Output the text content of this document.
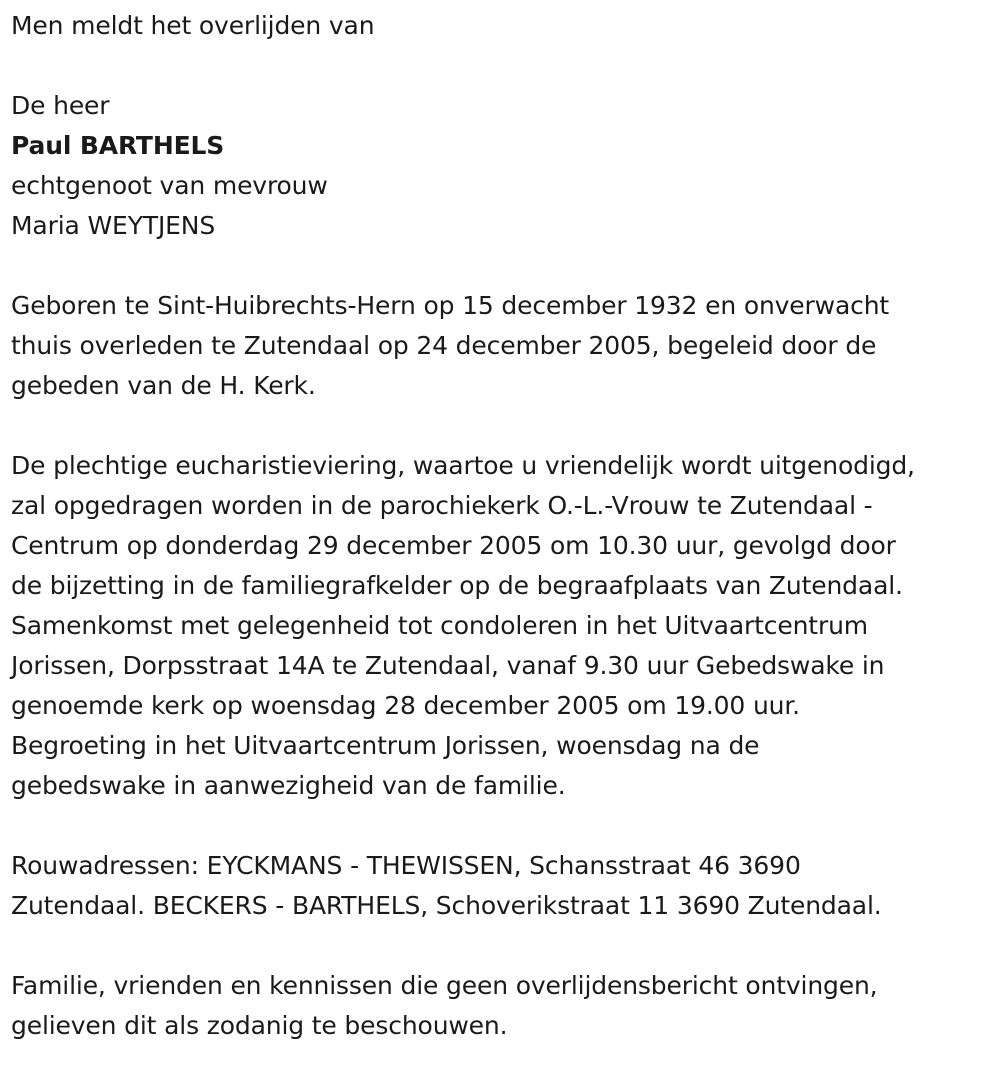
Men meldt het overlijden van
De heer
Paul BARTHELS
echtgenoot van mevrouw
Maria WEYTJENS
Geboren te Sint-Huibrechts-Hern op 15 december 1932 en onverwacht
thuis overleden te Zutendaal op 24 december 2005, begeleid door de
gebeden van de H. Kerk.
De plechtige eucharistieviering, waartoe u vriendelijk wordt uitgenodigd,
zal opgedragen worden in de parochiekerk O.-L.-Vrouw te Zutendaal -
Centrum op donderdag 29 december 2005 om 10.30 uur, gevolgd door
de bijzetting in de familiegrafkelder op de begraafplaats van Zutendaal.
Samenkomst met gelegenheid tot condoleren in het Uitvaartcentrum
Jorissen, Dorpsstraat 14A te Zutendaal, vanaf 9.30 uur Gebedswake in
genoemde kerk op woensdag 28 december 2005 om 19.00 uur.
Begroeting in het Uitvaartcentrum Jorissen, woensdag na de
gebedswake in aanwezigheid van de familie.
Rouwadressen: EYCKMANS - THEWISSEN, Schansstraat 46 3690
Zutendaal. BECKERS - BARTHELS, Schoverikstraat 11 3690 Zutendaal.
Familie, vrienden en kennissen die geen overlijdensbericht ontvingen,
gelieven dit als zodanig te beschouwen.
